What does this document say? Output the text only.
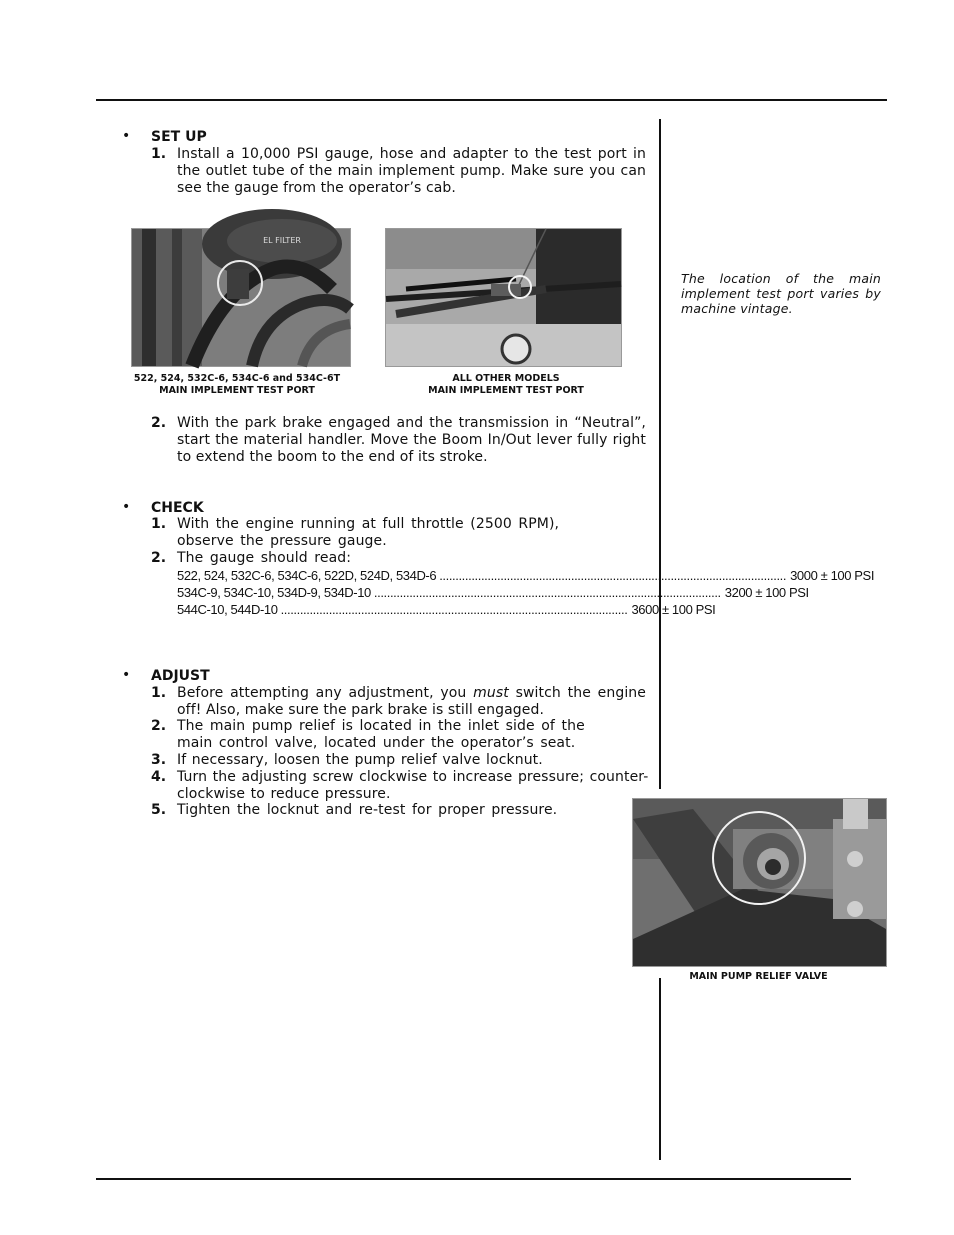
• SET UP
1. Install a 10,000 PSI gauge, hose and adapter to the test port in the outlet tube of the main implement pump. Make sure you can see the gauge from the operator’s cab.
EL FILTER
522, 524, 532C-6, 534C-6 and 534C-6T
MAIN IMPLEMENT TEST PORT
ALL OTHER MODELS
MAIN IMPLEMENT TEST PORT
The location of the main implement test port varies by machine vintage.
2. With the park brake engaged and the transmission in “Neutral”, start the material handler. Move the Boom In/Out lever fully right to extend the boom to the end of its stroke.
• CHECK
1. With the engine running at full throttle (2500 RPM), observe the pressure gauge.
2. The gauge should read:
522, 524, 532C-6, 534C-6, 522D, 524D, 534D-6 ............................................................................................................ 3000 ± 100 PSI
534C-9, 534C-10, 534D-9, 534D-10 ............................................................................................................ 3200 ± 100 PSI
544C-10, 544D-10 ............................................................................................................ 3600 ± 100 PSI
• ADJUST
1. Before attempting any adjustment, you must switch the engine off! Also, make sure the park brake is still engaged.
2. The main pump relief is located in the inlet side of the main control valve, located under the operator’s seat.
3. If necessary, loosen the pump relief valve locknut.
4. Turn the adjusting screw clockwise to increase pressure; counter-clockwise to reduce pressure.
5. Tighten the locknut and re-test for proper pressure.
MAIN PUMP RELIEF VALVE
